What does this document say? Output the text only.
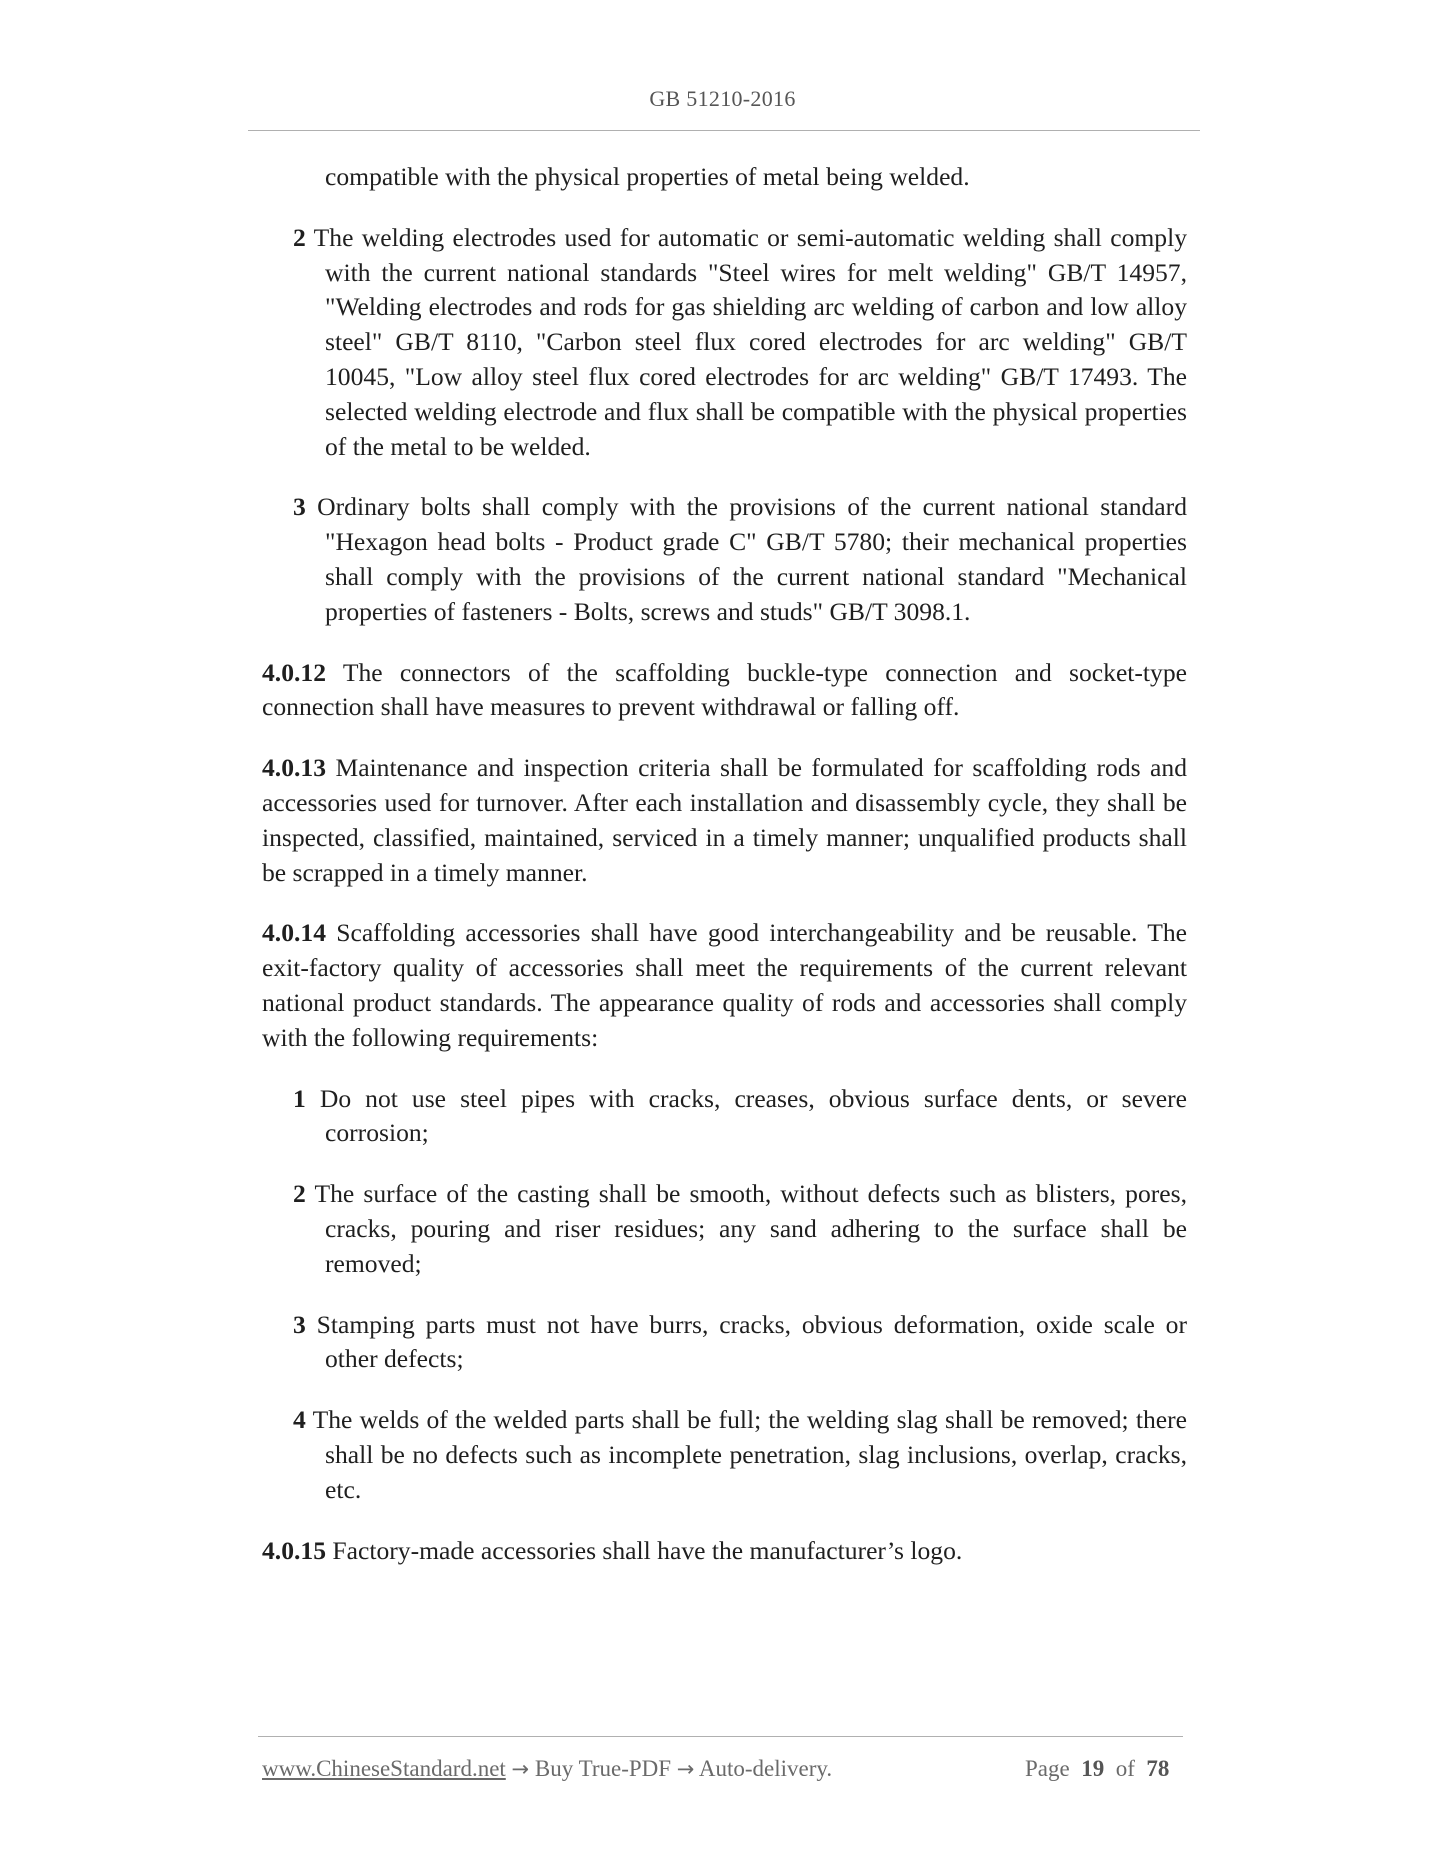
GB 51210-2016

compatible with the physical properties of metal being welded.

2 The welding electrodes used for automatic or semi-automatic welding shall comply with the current national standards "Steel wires for melt welding" GB/T 14957, "Welding electrodes and rods for gas shielding arc welding of carbon and low alloy steel" GB/T 8110, "Carbon steel flux cored electrodes for arc welding" GB/T 10045, "Low alloy steel flux cored electrodes for arc welding" GB/T 17493. The selected welding electrode and flux shall be compatible with the physical properties of the metal to be welded.

3 Ordinary bolts shall comply with the provisions of the current national standard "Hexagon head bolts - Product grade C" GB/T 5780; their mechanical properties shall comply with the provisions of the current national standard "Mechanical properties of fasteners - Bolts, screws and studs" GB/T 3098.1.

4.0.12 The connectors of the scaffolding buckle-type connection and socket-type connection shall have measures to prevent withdrawal or falling off.

4.0.13 Maintenance and inspection criteria shall be formulated for scaffolding rods and accessories used for turnover. After each installation and disassembly cycle, they shall be inspected, classified, maintained, serviced in a timely manner; unqualified products shall be scrapped in a timely manner.

4.0.14 Scaffolding accessories shall have good interchangeability and be reusable. The exit-factory quality of accessories shall meet the requirements of the current relevant national product standards. The appearance quality of rods and accessories shall comply with the following requirements:

1 Do not use steel pipes with cracks, creases, obvious surface dents, or severe corrosion;

2 The surface of the casting shall be smooth, without defects such as blisters, pores, cracks, pouring and riser residues; any sand adhering to the surface shall be removed;

3 Stamping parts must not have burrs, cracks, obvious deformation, oxide scale or other defects;

4 The welds of the welded parts shall be full; the welding slag shall be removed; there shall be no defects such as incomplete penetration, slag inclusions, overlap, cracks, etc.

4.0.15 Factory-made accessories shall have the manufacturer’s logo.

www.ChineseStandard.net → Buy True-PDF → Auto-delivery.	Page 19 of 78
